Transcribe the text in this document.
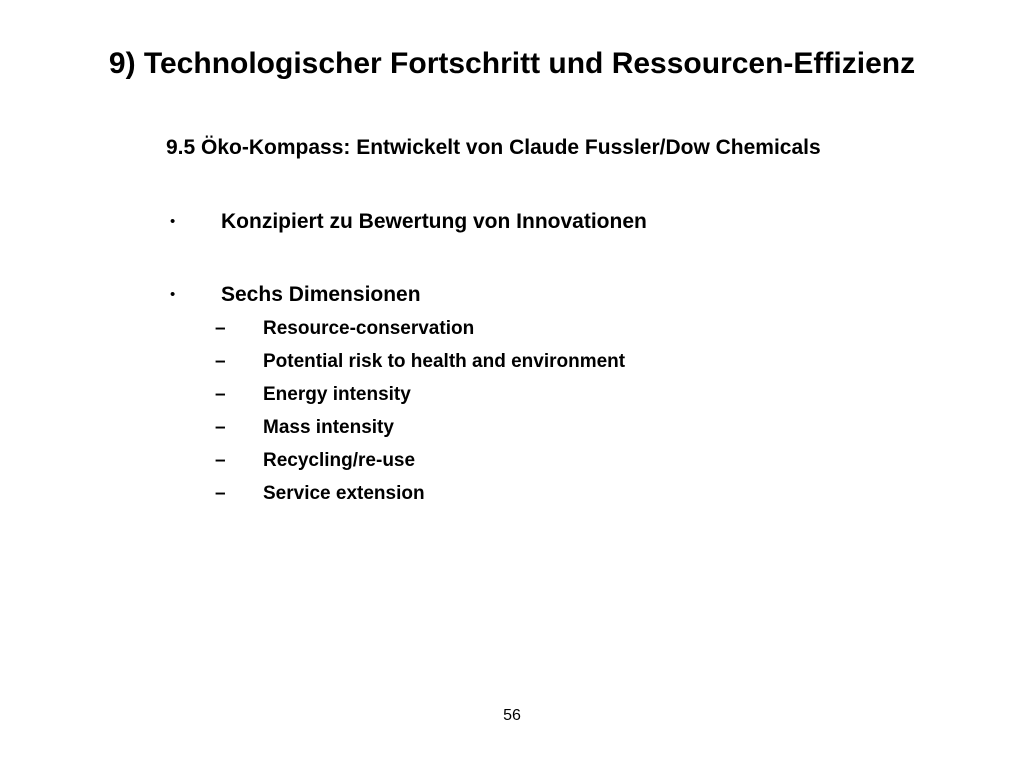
9) Technologischer Fortschritt und Ressourcen-Effizienz
9.5 Öko-Kompass: Entwickelt von Claude Fussler/Dow Chemicals
• Konzipiert zu Bewertung von Innovationen
• Sechs Dimensionen
– Resource-conservation
– Potential risk to health and environment
– Energy intensity
– Mass intensity
– Recycling/re-use
– Service extension
56
